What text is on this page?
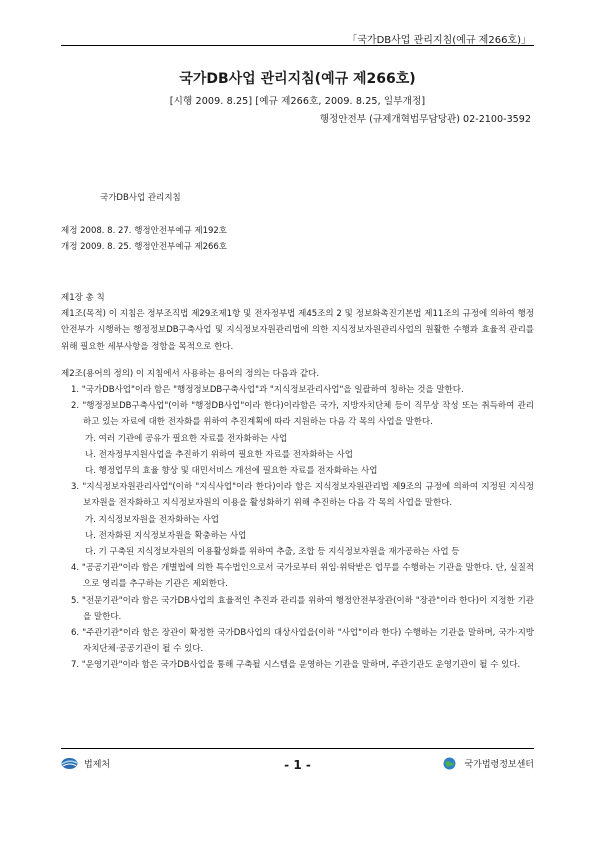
「국가DB사업 관리지침(예규 제266호)」
국가DB사업 관리지침(예규 제266호)
[시행 2009. 8.25] [예규 제266호, 2009. 8.25, 일부개정]
행정안전부 (규제개혁법무담당관) 02-2100-3592
국가DB사업 관리지침
제정 2008. 8. 27. 행정안전부예규 제192호
개정 2009. 8. 25. 행정안전부예규 제266호

제1장 총 칙

제1조(목적) 이 지침은 정부조직법 제29조제1항 및 전자정부법 제45조의 2 및 정보화촉진기본법 제11조의 규정에 의하여 행정안전부가 시행하는 행정정보DB구축사업 및 지식정보자원관리법에 의한 지식정보자원관리사업의 원활한 수행과 효율적 관리를 위해 필요한 세부사항을 정함을 목적으로 한다.

제2조(용어의 정의) 이 지침에서 사용하는 용어의 정의는 다음과 같다.

1. "국가DB사업"이라 함은 "행정정보DB구축사업"과 "지식정보관리사업"을 일괄하여 칭하는 것을 말한다.

2. "행정정보DB구축사업"(이하 "행정DB사업"이라 한다)이라함은 국가, 지방자치단체 등이 직무상 작성 또는 취득하여 관리하고 있는 자료에 대한 전자화를 위하여 추진계획에 따라 지원하는 다음 각 목의 사업을 말한다.

가. 여러 기관에 공유가 필요한 자료를 전자화하는 사업

나. 전자정부지원사업을 추진하기 위하여 필요한 자료를 전자화하는 사업

다. 행정업무의 효율 향상 및 대민서비스 개선에 필요한 자료를 전자화하는 사업

3. "지식정보자원관리사업"(이하 "지식사업"이라 한다)이라 함은 지식정보자원관리법 제9조의 규정에 의하여 지정된 지식정보자원을 전자화하고 지식정보자원의 이용을 활성화하기 위해 추진하는 다음 각 목의 사업을 말한다.

가. 지식정보자원을 전자화하는 사업

나. 전자화된 지식정보자원을 확충하는 사업

다. 기 구축된 지식정보자원의 이용활성화를 위하여 추출, 조합 등 지식정보자원을 재가공하는 사업 등

4. "공공기관"이라 함은 개별법에 의한 특수법인으로서 국가로부터 위임·위탁받은 업무를 수행하는 기관을 말한다. 단, 실질적으로 영리를 추구하는 기관은 제외한다.

5. "전문기관"이라 함은 국가DB사업의 효율적인 추진과 관리를 위하여 행정안전부장관(이하 "장관"이라 한다)이 지정한 기관을 말한다.

6. "주관기관"이라 함은 장관이 확정한 국가DB사업의 대상사업을(이하 "사업"이라 한다) 수행하는 기관을 말하며, 국가·지방자치단체·공공기관이 될 수 있다.

7. "운영기관"이라 함은 국가DB사업을 통해 구축될 시스템을 운영하는 기관을 말하며, 주관기관도 운영기관이 될 수 있다.

법제처	- 1 -	국가법령정보센터
